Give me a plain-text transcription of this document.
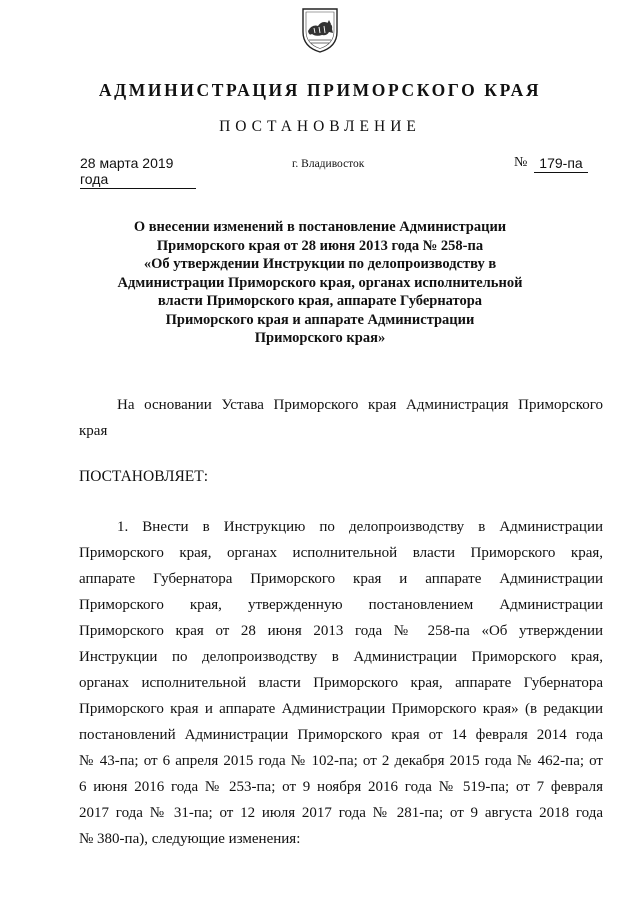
АДМИНИСТРАЦИЯ ПРИМОРСКОГО КРАЯ
ПОСТАНОВЛЕНИЕ
28 марта 2019 года
г. Владивосток	№ 179-па
О внесении изменений в постановление Администрации
Приморского края от 28 июня 2013 года № 258-па
«Об утверждении Инструкции по делопроизводству в
Администрации Приморского края, органах исполнительной
власти Приморского края, аппарате Губернатора
Приморского края и аппарате Администрации
Приморского края»
На основании Устава Приморского края Администрация Приморского
края
ПОСТАНОВЛЯЕТ:
1. Внести в Инструкцию по делопроизводству в Администрации
Приморского края, органах исполнительной власти Приморского края,
аппарате Губернатора Приморского края и аппарате Администрации
Приморского края, утвержденную постановлением Администрации
Приморского края от 28 июня 2013 года № 258-па «Об утверждении
Инструкции по делопроизводству в Администрации Приморского края,
органах исполнительной власти Приморского края, аппарате Губернатора
Приморского края и аппарате Администрации Приморского края» (в редакции
постановлений Администрации Приморского края от 14 февраля 2014 года
№ 43-па; от 6 апреля 2015 года № 102-па; от 2 декабря 2015 года № 462-па; от
6 июня 2016 года № 253-па; от 9 ноября 2016 года № 519-па; от 7 февраля
2017 года № 31-па; от 12 июля 2017 года № 281-па; от 9 августа 2018 года
№ 380-па), следующие изменения:
